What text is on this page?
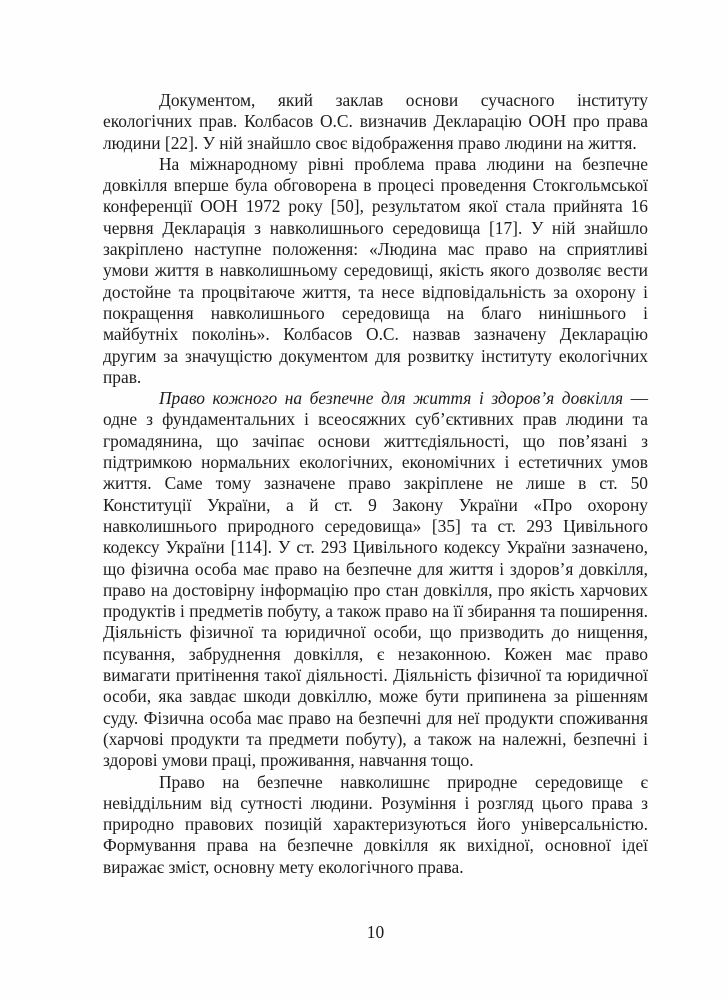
Документом, який заклав основи сучасного інституту екологічних прав. Колбасов О.С. визначив Декларацію ООН про права людини [22]. У ній знайшло своє відображення право людини на життя.

На міжнародному рівні проблема права людини на безпечне довкілля вперше була обговорена в процесі проведення Стокгольмської конференції ООН 1972 року [50], результатом якої стала прийнята 16 червня Декларація з навколишнього середовища [17]. У ній знайшло закріплено наступне положення: «Людина мас право на сприятливі умови життя в навколишньому середовищі, якість якого дозволяє вести достойне та процвітаюче життя, та несе відповідальність за охорону і покращення навколишнього середовища на благо нинішнього і майбутніх поколінь». Колбасов О.С. назвав зазначену Декларацію другим за значущістю документом для розвитку інституту екологічних прав.

Право кожного на безпечне для життя і здоров’я довкілля — одне з фундаментальних і всеосяжних суб’єктивних прав людини та громадянина, що зачіпає основи життєдіяльності, що пов’язані з підтримкою нормальних екологічних, економічних і естетичних умов життя. Саме тому зазначене право закріплене не лише в ст. 50 Конституції України, а й ст. 9 Закону України «Про охорону навколишнього природного середовища» [35] та ст. 293 Цивільного кодексу України [114]. У ст. 293 Цивільного кодексу України зазначено, що фізична особа має право на безпечне для життя і здоров’я довкілля, право на достовірну інформацію про стан довкілля, про якість харчових продуктів і предметів побуту, а також право на її збирання та поширення. Діяльність фізичної та юридичної особи, що призводить до нищення, псування, забруднення довкілля, є незаконною. Кожен має право вимагати притінення такої діяльності. Діяльність фізичної та юридичної особи, яка завдає шкоди довкіллю, може бути припинена за рішенням суду. Фізична особа має право на безпечні для неї продукти споживання (харчові продукти та предмети побуту), а також на належні, безпечні і здорові умови праці, проживання, навчання тощо.

Право на безпечне навколишнє природне середовище є невіддільним від сутності людини. Розуміння і розгляд цього права з природно правових позицій характеризуються його універсальністю. Формування права на безпечне довкілля як вихідної, основної ідеї виражає зміст, основну мету екологічного права.

10
